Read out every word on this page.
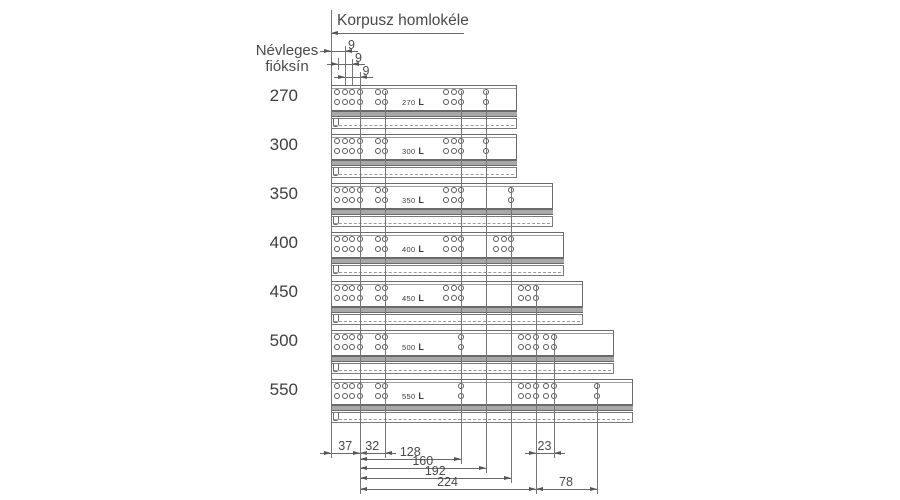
Korpusz homlokéle
Névleges
fióksín
270 L
270
300 L
300
350 L
350
400 L
400
450 L
450
500 L
500
550 L
550
9
9
9
37	32	23
128
160
192
224	78
